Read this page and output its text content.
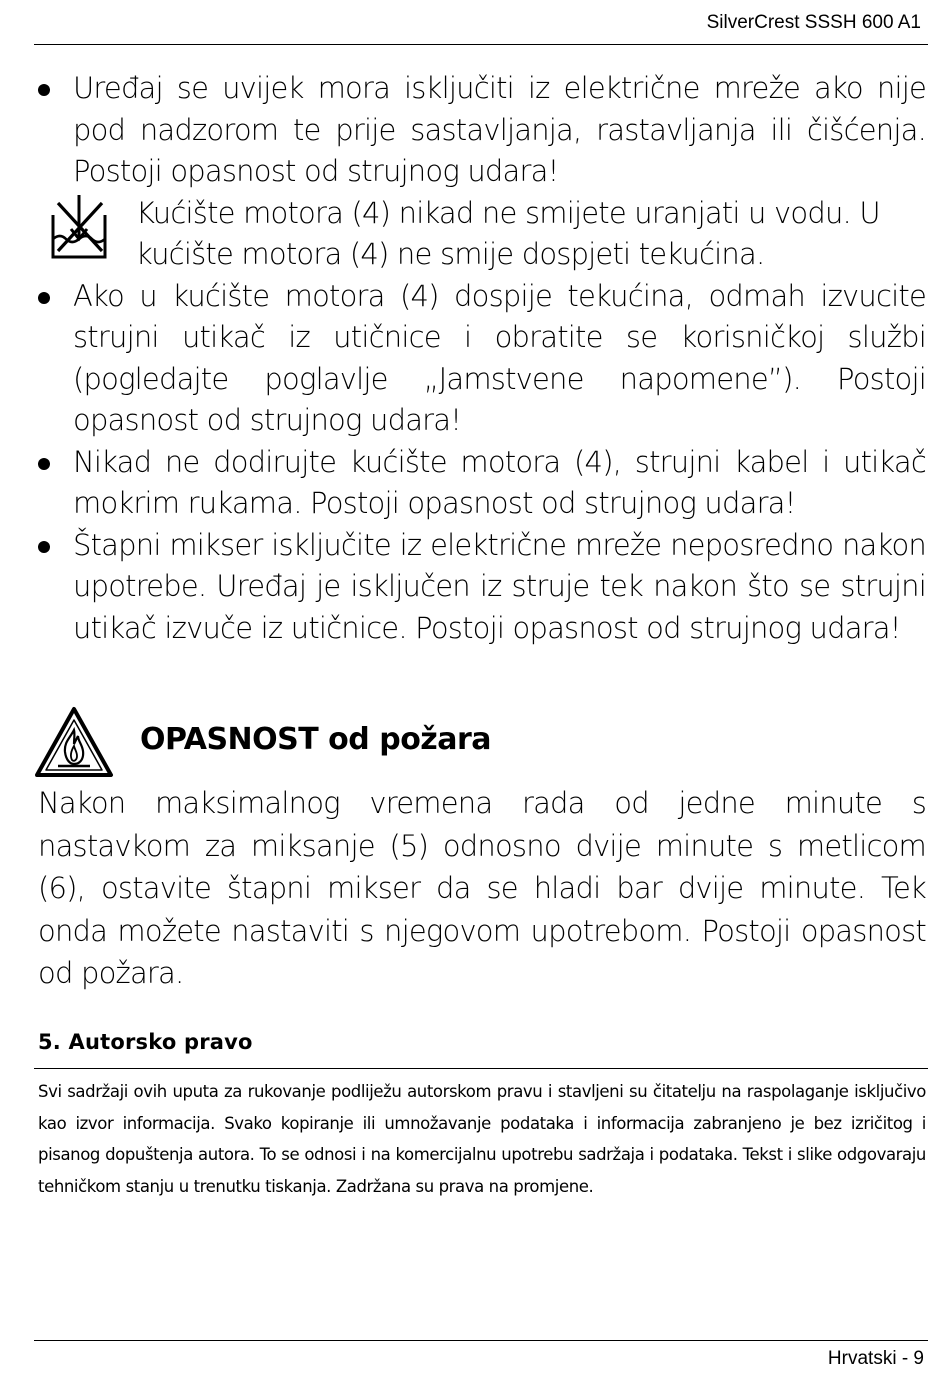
SilverCrest SSSH 600 A1
Uređaj se uvijek mora isključiti iz električne mreže ako nije pod nadzorom te prije sastavljanja, rastavljanja ili čišćenja. Postoji opasnost od strujnog udara!
Kućište motora (4) nikad ne smijete uranjati u vodu. U
kućište motora (4) ne smije dospjeti tekućina.
Ako u kućište motora (4) dospije tekućina, odmah izvucite strujni utikač iz utičnice i obratite se korisničkoj službi (pogledajte poglavlje „Jamstvene napomene”). Postoji opasnost od strujnog udara!
Nikad ne dodirujte kućište motora (4), strujni kabel i utikač mokrim rukama. Postoji opasnost od strujnog udara!
Štapni mikser isključite iz električne mreže neposredno nakon upotrebe. Uređaj je isključen iz struje tek nakon što se strujni utikač izvuče iz utičnice. Postoji opasnost od strujnog udara!
OPASNOST od požara
Nakon maksimalnog vremena rada od jedne minute s nastavkom za miksanje (5) odnosno dvije minute s metlicom (6), ostavite štapni mikser da se hladi bar dvije minute. Tek onda možete nastaviti s njegovom upotrebom. Postoji opasnost od požara.
5. Autorsko pravo
Svi sadržaji ovih uputa za rukovanje podliježu autorskom pravu i stavljeni su čitatelju na raspolaganje isključivo kao izvor informacija. Svako kopiranje ili umnožavanje podataka i informacija zabranjeno je bez izričitog i pisanog dopuštenja autora. To se odnosi i na komercijalnu upotrebu sadržaja i podataka. Tekst i slike odgovaraju tehničkom stanju u trenutku tiskanja. Zadržana su prava na promjene.
Hrvatski - 9
